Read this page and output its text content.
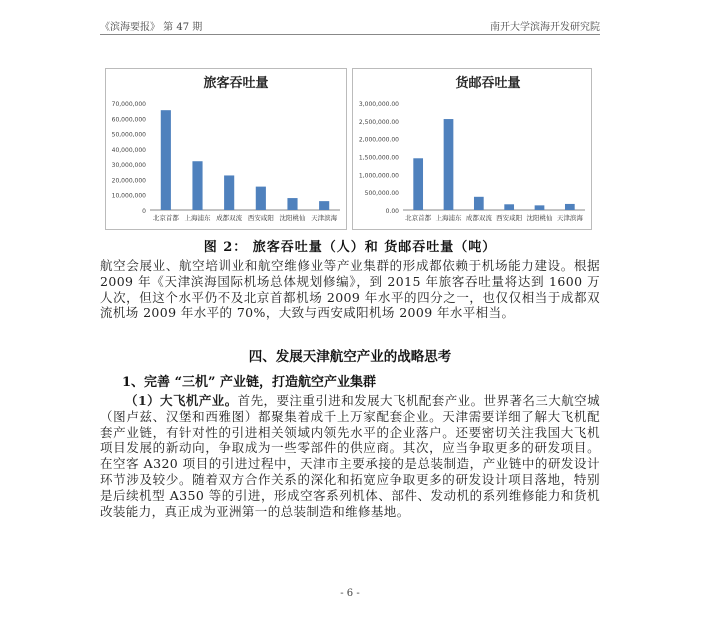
《滨海要报》 第 47 期	南开大学滨海开发研究院
旅客吞吐量
0
10,000,000
20,000,000
30,000,000
40,000,000
50,000,000
60,000,000
70,000,000
北京首都 上海浦东 成都双流 西安咸阳 沈阳桃仙 天津滨海
货邮吞吐量
0.00
500,000.00
1,000,000.00
1,500,000.00
2,000,000.00
2,500,000.00
3,000,000.00
北京首都 上海浦东 成都双流 西安咸阳 沈阳桃仙 天津滨海
图 2： 旅客吞吐量（人）和 货邮吞吐量（吨）
航空会展业、航空培训业和航空维修业等产业集群的形成都依赖于机场能力建设。根据 2009 年《天津滨海国际机场总体规划修编》，到 2015 年旅客吞吐量将达到 1600 万人次，但这个水平仍不及北京首都机场 2009 年水平的四分之一，也仅仅相当于成都双流机场 2009 年水平的 70%，大致与西安咸阳机场 2009 年水平相当。
四、发展天津航空产业的战略思考
1、完善 “三机” 产业链，打造航空产业集群
（1）大飞机产业。首先，要注重引进和发展大飞机配套产业。世界著名三大航空城（图卢兹、汉堡和西雅图）都聚集着成千上万家配套企业。天津需要详细了解大飞机配套产业链，有针对性的引进相关领域内领先水平的企业落户。还要密切关注我国大飞机项目发展的新动向，争取成为一些零部件的供应商。其次，应当争取更多的研发项目。在空客 A320 项目的引进过程中，天津市主要承接的是总装制造，产业链中的研发设计环节涉及较少。随着双方合作关系的深化和拓宽应争取更多的研发设计项目落地，特别是后续机型 A350 等的引进，形成空客系列机体、部件、发动机的系列维修能力和货机改装能力，真正成为亚洲第一的总装制造和维修基地。
- 6 -
